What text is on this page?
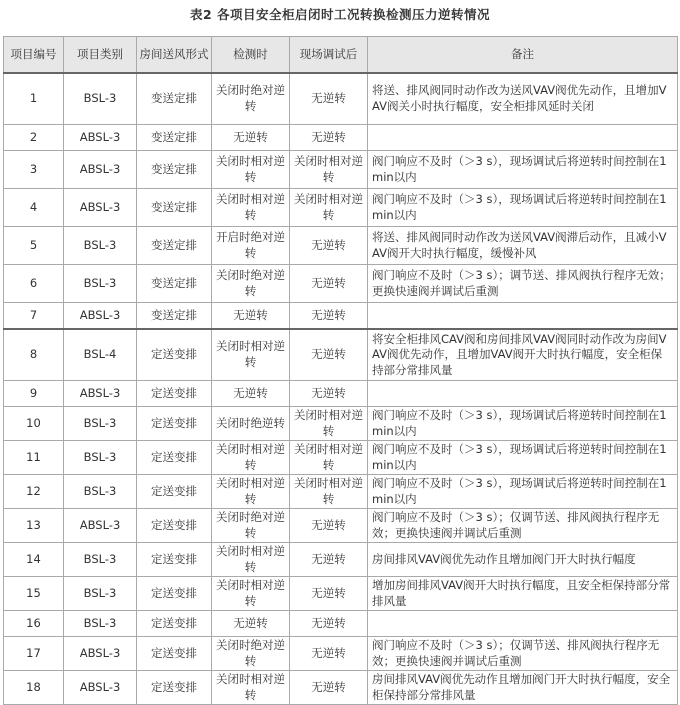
表2 各项目安全柜启闭时工况转换检测压力逆转情况
项目编号	项目类别	房间送风形式	检测时	现场调试后	备注
1	BSL-3	变送定排	关闭时绝对逆转	无逆转	将送、排风阀同时动作改为送风VAV阀优先动作，且增加VAV阀关小时执行幅度，安全柜排风延时关闭
2	ABSL-3	变送定排	无逆转	无逆转	
3	ABSL-3	变送定排	关闭时相对逆转	关闭时相对逆转	阀门响应不及时（＞3 s），现场调试后将逆转时间控制在1 min以内
4	ABSL-3	变送定排	关闭时相对逆转	关闭时相对逆转	阀门响应不及时（＞3 s），现场调试后将逆转时间控制在1 min以内
5	BSL-3	变送定排	开启时绝对逆转	无逆转	将送、排风阀同时动作改为送风VAV阀滞后动作，且减小VAV阀开大时执行幅度，缓慢补风
6	BSL-3	变送定排	关闭时绝对逆转	无逆转	阀门响应不及时（＞3 s）；调节送、排风阀执行程序无效；更换快速阀并调试后重测
7	ABSL-3	变送定排	无逆转	无逆转	
8	BSL-4	定送变排	关闭时相对逆转	无逆转	将安全柜排风CAV阀和房间排风VAV阀同时动作改为房间VAV阀优先动作，且增加VAV阀开大时执行幅度，安全柜保持部分常排风量
9	ABSL-3	定送变排	无逆转	无逆转	
10	BSL-3	定送变排	关闭时绝逆转	关闭时相对逆转	阀门响应不及时（＞3 s），现场调试后将逆转时间控制在1 min以内
11	BSL-3	定送变排	关闭时相对逆转	关闭时相对逆转	阀门响应不及时（＞3 s），现场调试后将逆转时间控制在1 min以内
12	BSL-3	定送变排	关闭时相对逆转	关闭时相对逆转	阀门响应不及时（＞3 s），现场调试后将逆转时间控制在1 min以内
13	ABSL-3	定送变排	关闭时绝对逆转	无逆转	阀门响应不及时（＞3 s）；仅调节送、排风阀执行程序无效；更换快速阀并调试后重测
14	BSL-3	定送变排	关闭时相对逆转	无逆转	房间排风VAV阀优先动作且增加阀门开大时执行幅度
15	BSL-3	定送变排	关闭时相对逆转	无逆转	增加房间排风VAV阀开大时执行幅度，且安全柜保持部分常排风量
16	BSL-3	定送变排	无逆转	无逆转	
17	ABSL-3	定送变排	关闭时绝对逆转	无逆转	阀门响应不及时（＞3 s）；仅调节送、排风阀执行程序无效；更换快速阀并调试后重测
18	ABSL-3	定送变排	关闭时相对逆转	无逆转	房间排风VAV阀优先动作且增加阀门开大时执行幅度，安全柜保持部分常排风量
